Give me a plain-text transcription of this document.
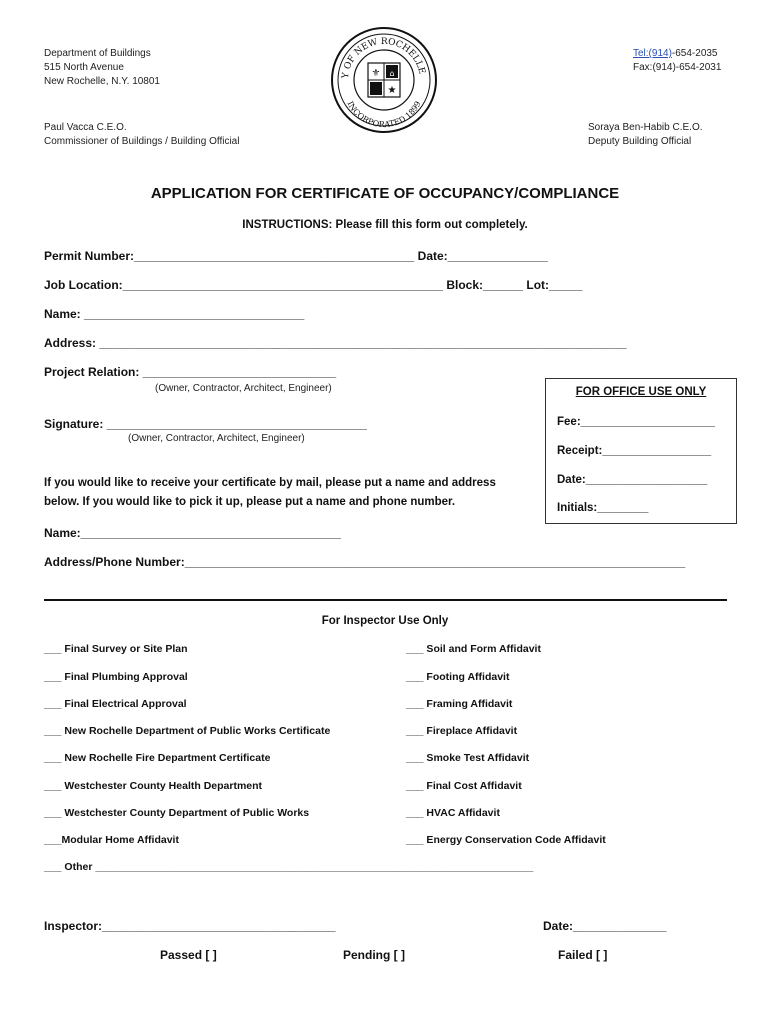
Department of Buildings
515 North Avenue
New Rochelle, N.Y. 10801
Tel:(914)-654-2035
Fax:(914)-654-2031
Y OF NEW ROCHELLE
INCORPORATED 1899
⚜
★
⌂
Paul Vacca C.E.O.
Commissioner of Buildings / Building Official
Soraya Ben-Habib C.E.O.
Deputy Building Official
APPLICATION FOR CERTIFICATE OF OCCUPANCY/COMPLIANCE
INSTRUCTIONS: Please fill this form out completely.
Permit Number:__________________________________________ Date:_______________
Job Location:________________________________________________ Block:______ Lot:_____
Name: _________________________________
Address: _______________________________________________________________________________
Project Relation: _____________________________
(Owner, Contractor, Architect, Engineer)
Signature: _______________________________________
(Owner, Contractor, Architect, Engineer)
If you would like to receive your certificate by mail, please put a name and address
below. If you would like to pick it up, please put a name and phone number.
Name:_______________________________________
Address/Phone Number:___________________________________________________________________________
FOR OFFICE USE ONLY
Fee:_____________________
Receipt:_________________
Date:___________________
Initials:________
For Inspector Use Only
___ Final Survey or Site Plan
___ Final Plumbing Approval
___ Final Electrical Approval
___ New Rochelle Department of Public Works Certificate
___ New Rochelle Fire Department Certificate
___ Westchester County Health Department
___ Westchester County Department of Public Works
___Modular Home Affidavit
___ Soil and Form Affidavit
___ Footing Affidavit
___ Framing Affidavit
___ Fireplace Affidavit
___ Smoke Test Affidavit
___ Final Cost Affidavit
___ HVAC Affidavit
___ Energy Conservation Code Affidavit
___ Other ___________________________________________________________________________
Inspector:___________________________________	Date:______________
Passed [ ]	Pending [ ]	Failed [ ]
